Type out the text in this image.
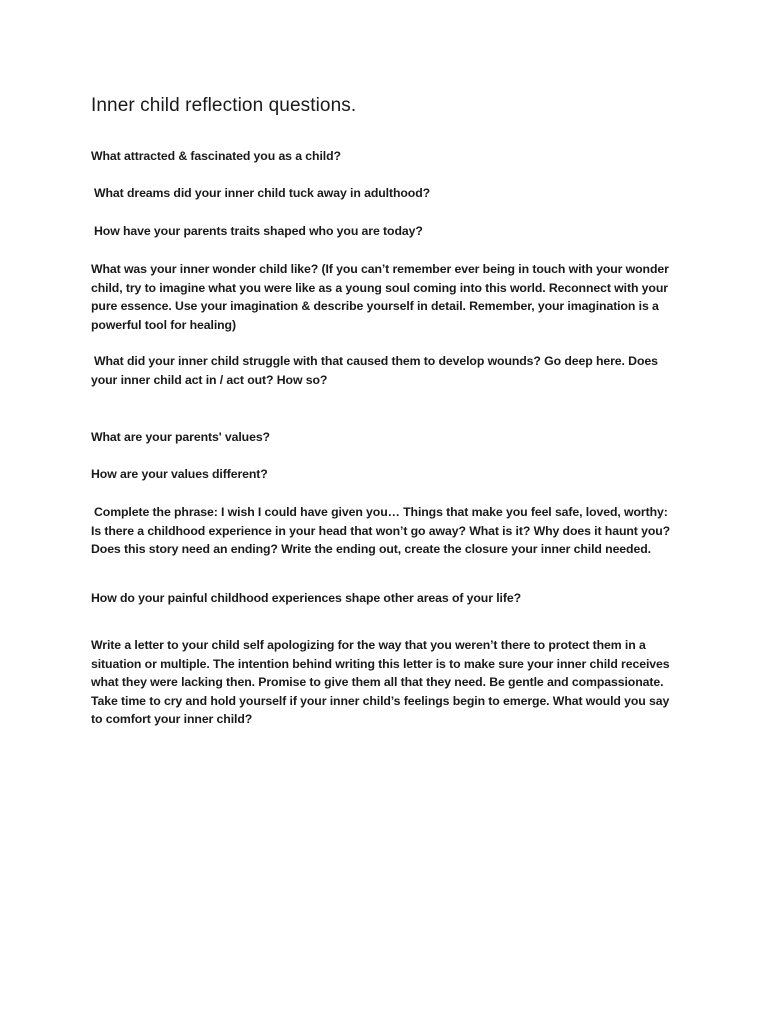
Inner child reflection questions.

What attracted & fascinated you as a child?

What dreams did your inner child tuck away in adulthood?

How have your parents traits shaped who you are today?

What was your inner wonder child like? (If you can’t remember ever being in touch with your wonder child, try to imagine what you were like as a young soul coming into this world. Reconnect with your pure essence. Use your imagination & describe yourself in detail. Remember, your imagination is a powerful tool for healing)

What did your inner child struggle with that caused them to develop wounds? Go deep here. Does your inner child act in / act out? How so?

What are your parents' values?

How are your values different?

Complete the phrase: I wish I could have given you… Things that make you feel safe, loved, worthy: Is there a childhood experience in your head that won’t go away? What is it? Why does it haunt you? Does this story need an ending? Write the ending out, create the closure your inner child needed.

How do your painful childhood experiences shape other areas of your life?

Write a letter to your child self apologizing for the way that you weren’t there to protect them in a situation or multiple. The intention behind writing this letter is to make sure your inner child receives what they were lacking then. Promise to give them all that they need. Be gentle and compassionate. Take time to cry and hold yourself if your inner child’s feelings begin to emerge. What would you say to comfort your inner child?
